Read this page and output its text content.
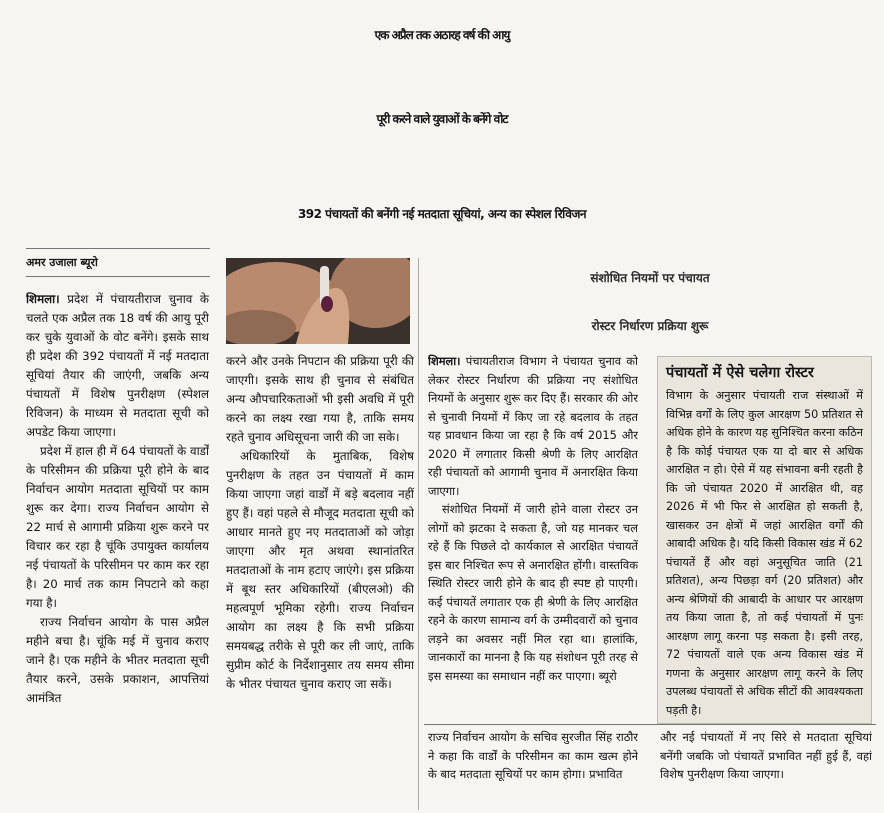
एक अप्रैल तक अठारह वर्ष की आयु
पूरी करने वाले युवाओं के बनेंगे वोट
392 पंचायतों की बनेंगी नई मतदाता सूचियां, अन्य का स्पेशल रिविजन
अमर उजाला ब्यूरो

शिमला। प्रदेश में पंचायतीराज चुनाव के चलते एक अप्रैल तक 18 वर्ष की आयु पूरी कर चुके युवाओं के वोट बनेंगे। इसके साथ ही प्रदेश की 392 पंचायतों में नई मतदाता सूचियां तैयार की जाएंगी, जबकि अन्य पंचायतों में विशेष पुनरीक्षण (स्पेशल रिविजन) के माध्यम से मतदाता सूची को अपडेट किया जाएगा।

प्रदेश में हाल ही में 64 पंचायतों के वार्डों के परिसीमन की प्रक्रिया पूरी होने के बाद निर्वाचन आयोग मतदाता सूचियों पर काम शुरू कर देगा। राज्य निर्वाचन आयोग से 22 मार्च से आगामी प्रक्रिया शुरू करने पर विचार कर रहा है चूंकि उपायुक्त कार्यालय नई पंचायतों के परिसीमन पर काम कर रहा है। 20 मार्च तक काम निपटाने को कहा गया है।

राज्य निर्वाचन आयोग के पास अप्रैल महीने बचा है। चूंकि मई में चुनाव कराए जाने है। एक महीने के भीतर मतदाता सूची तैयार करने, उसके प्रकाशन, आपत्तियां आमंत्रित

करने और उनके निपटान की प्रक्रिया पूरी की जाएगी। इसके साथ ही चुनाव से संबंधित अन्य औपचारिकताओं भी इसी अवधि में पूरी करने का लक्ष्य रखा गया है, ताकि समय रहते चुनाव अधिसूचना जारी की जा सके।

अधिकारियों के मुताबिक, विशेष पुनरीक्षण के तहत उन पंचायतों में काम किया जाएगा जहां वार्डों में बड़े बदलाव नहीं हुए हैं। वहां पहले से मौजूद मतदाता सूची को आधार मानते हुए नए मतदाताओं को जोड़ा जाएगा और मृत अथवा स्थानांतरित मतदाताओं के नाम हटाए जाएंगे। इस प्रक्रिया में बूथ स्तर अधिकारियों (बीएलओ) की महत्वपूर्ण भूमिका रहेगी। राज्य निर्वाचन आयोग का लक्ष्य है कि सभी प्रक्रिया समयबद्ध तरीके से पूरी कर ली जाएं, ताकि सुप्रीम कोर्ट के निर्देशानुसार तय समय सीमा के भीतर पंचायत चुनाव कराए जा सकें।

संशोधित नियमों पर पंचायत
रोस्टर निर्धारण प्रक्रिया शुरू

शिमला। पंचायतीराज विभाग ने पंचायत चुनाव को लेकर रोस्टर निर्धारण की प्रक्रिया नए संशोधित नियमों के अनुसार शुरू कर दिए हैं। सरकार की ओर से चुनावी नियमों में किए जा रहे बदलाव के तहत यह प्रावधान किया जा रहा है कि वर्ष 2015 और 2020 में लगातार किसी श्रेणी के लिए आरक्षित रही पंचायतों को आगामी चुनाव में अनारक्षित किया जाएगा।

संशोधित नियमों में जारी होने वाला रोस्टर उन लोगों को झटका दे सकता है, जो यह मानकर चल रहे हैं कि पिछले दो कार्यकाल से आरक्षित पंचायतें इस बार निश्चित रूप से अनारक्षित होंगी। वास्तविक स्थिति रोस्टर जारी होने के बाद ही स्पष्ट हो पाएगी। कई पंचायतें लगातार एक ही श्रेणी के लिए आरक्षित रहने के कारण सामान्य वर्ग के उम्मीदवारों को चुनाव लड़ने का अवसर नहीं मिल रहा था। हालांकि, जानकारों का मानना है कि यह संशोधन पूरी तरह से इस समस्या का समाधान नहीं कर पाएगा। ब्यूरो

पंचायतों में ऐसे चलेगा रोस्टर
विभाग के अनुसार पंचायती राज संस्थाओं में विभिन्न वर्गों के लिए कुल आरक्षण 50 प्रतिशत से अधिक होने के कारण यह सुनिश्चित करना कठिन है कि कोई पंचायत एक या दो बार से अधिक आरक्षित न हो। ऐसे में यह संभावना बनी रहती है कि जो पंचायत 2020 में आरक्षित थी, वह 2026 में भी फिर से आरक्षित हो सकती है, खासकर उन क्षेत्रों में जहां आरक्षित वर्गों की आबादी अधिक है। यदि किसी विकास खंड में 62 पंचायतें हैं और वहां अनुसूचित जाति (21 प्रतिशत), अन्य पिछड़ा वर्ग (20 प्रतिशत) और अन्य श्रेणियों की आबादी के आधार पर आरक्षण तय किया जाता है, तो कई पंचायतों में पुनः आरक्षण लागू करना पड़ सकता है। इसी तरह, 72 पंचायतों वाले एक अन्य विकास खंड में गणना के अनुसार आरक्षण लागू करने के लिए उपलब्ध पंचायतों से अधिक सीटों की आवश्यकता पड़ती है।

राज्य निर्वाचन आयोग के सचिव सुरजीत सिंह राठौर ने कहा कि वार्डों के परिसीमन का काम खत्म होने के बाद मतदाता सूचियों पर काम होगा। प्रभावित

और नई पंचायतों में नए सिरे से मतदाता सूचियां बनेंगी जबकि जो पंचायतें प्रभावित नहीं हुई हैं, वहां विशेष पुनरीक्षण किया जाएगा।
